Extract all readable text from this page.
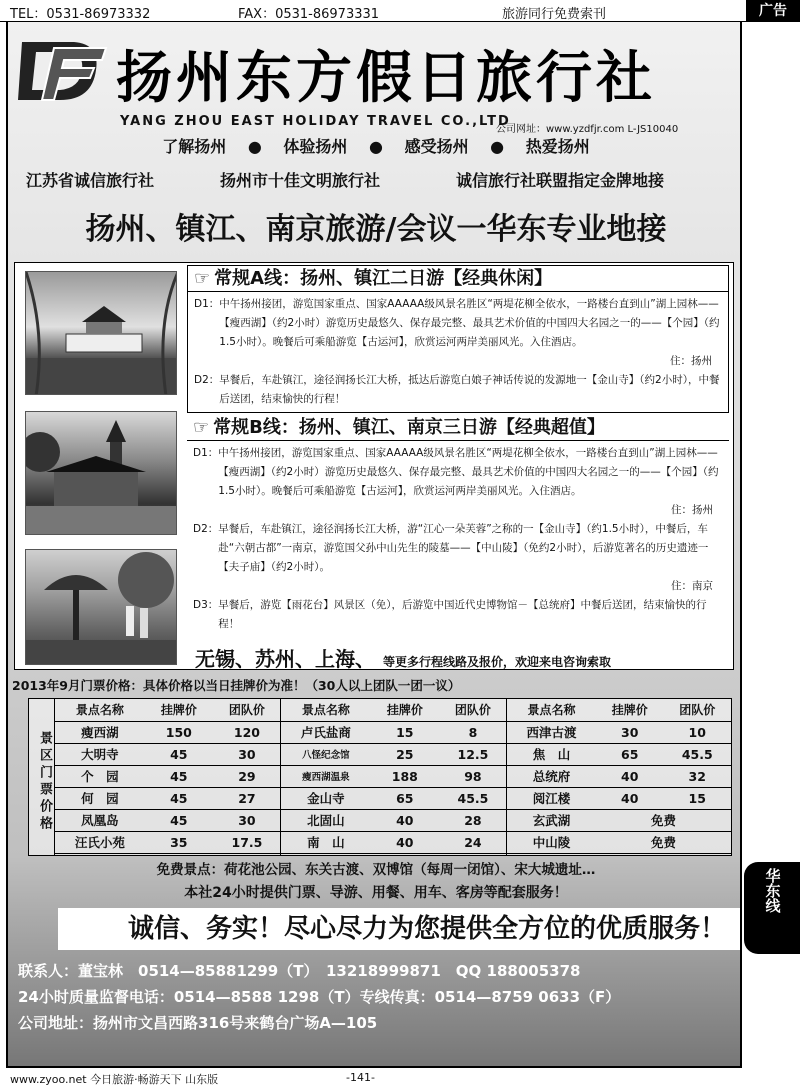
TEL：0531-86973332	FAX：0531-86973331	旅游同行免费索刊	广告
扬州东方假日旅行社
YANG ZHOU EAST HOLIDAY TRAVEL CO.,LTD
公司网址：www.yzdfjr.com L-JS10040
了解扬州 　●　 体验扬州 　●　 感受扬州 　●　 热爱扬州
江苏省诚信旅行社	扬州市十佳文明旅行社	诚信旅行社联盟指定金牌地接
扬州、镇江、南京旅游/会议一华东专业地接
☞ 常规A线：扬州、镇江二日游【经典休闲】
D1： 中午扬州接团，游览国家重点、国家AAAAA级风景名胜区“两堤花柳全依水，一路楼台直到山”湖上园林——【瘦西湖】（约2小时）游览历史最悠久、保存最完整、最具艺术价值的中国四大名园之一的——【个园】（约1.5小时）。晚餐后可乘船游览【古运河】，欣赏运河两岸美丽风光。入住酒店。
住：扬州
D2： 早餐后，车赴镇江，途径润扬长江大桥，抵达后游览白娘子神话传说的发源地一【金山寺】（约2小时），中餐后送团，结束愉快的行程！
☞ 常规B线：扬州、镇江、南京三日游【经典超值】
D1： 中午扬州接团，游览国家重点、国家AAAAA级风景名胜区“两堤花柳全依水，一路楼台直到山”湖上园林——【瘦西湖】（约2小时）游览历史最悠久、保存最完整、最具艺术价值的中国四大名园之一的——【个园】（约1.5小时）。晚餐后可乘船游览【古运河】，欣赏运河两岸美丽风光。入住酒店。
住：扬州
D2： 早餐后，车赴镇江，途径润扬长江大桥，游“江心一朵芙蓉”之称的一【金山寺】（约1.5小时），中餐后，车赴“六朝古都”一南京，游览国父孙中山先生的陵墓——【中山陵】（免约2小时），后游览著名的历史遗迹一【夫子庙】（约2小时）。
住：南京
D3： 早餐后，游览【雨花台】风景区（免），后游览中国近代史博物馆－【总统府】中餐后送团，结束愉快的行程！
无锡、苏州、上海、 等更多行程线路及报价，欢迎来电咨询索取
2013年9月门票价格：具体价格以当日挂牌价为准！（30人以上团队一团一议）
景区门票价格
景点名称	挂牌价	团队价
瘦西湖	150	120
大明寺	45	30
个　园	45	29
何　园	45	27
凤凰岛	45	30
汪氏小苑	35	17.5
景点名称	挂牌价	团队价
卢氏盐商	15	8
八怪纪念馆	25	12.5
瘦西湖温泉	188	98
金山寺	65	45.5
北固山	40	28
南　山	40	24
景点名称	挂牌价	团队价
西津古渡	30	10
焦　山	65	45.5
总统府	40	32
阅江楼	40	15
玄武湖	免费	
中山陵	免费	
免费景点：荷花池公园、东关古渡、双博馆（每周一闭馆）、宋大城遗址…
本社24小时提供门票、导游、用餐、用车、客房等配套服务！
诚信、务实！尽心尽力为您提供全方位的优质服务！
联系人：董宝林　0514—85881299（T）　13218999871　QQ 188005378
24小时质量监督电话：0514—8588 1298（T）专线传真：0514—8759 0633（F）
公司地址：扬州市文昌西路316号来鹤台广场A—105
华东线
www.zyoo.net 今日旅游·畅游天下 山东版	-141-
